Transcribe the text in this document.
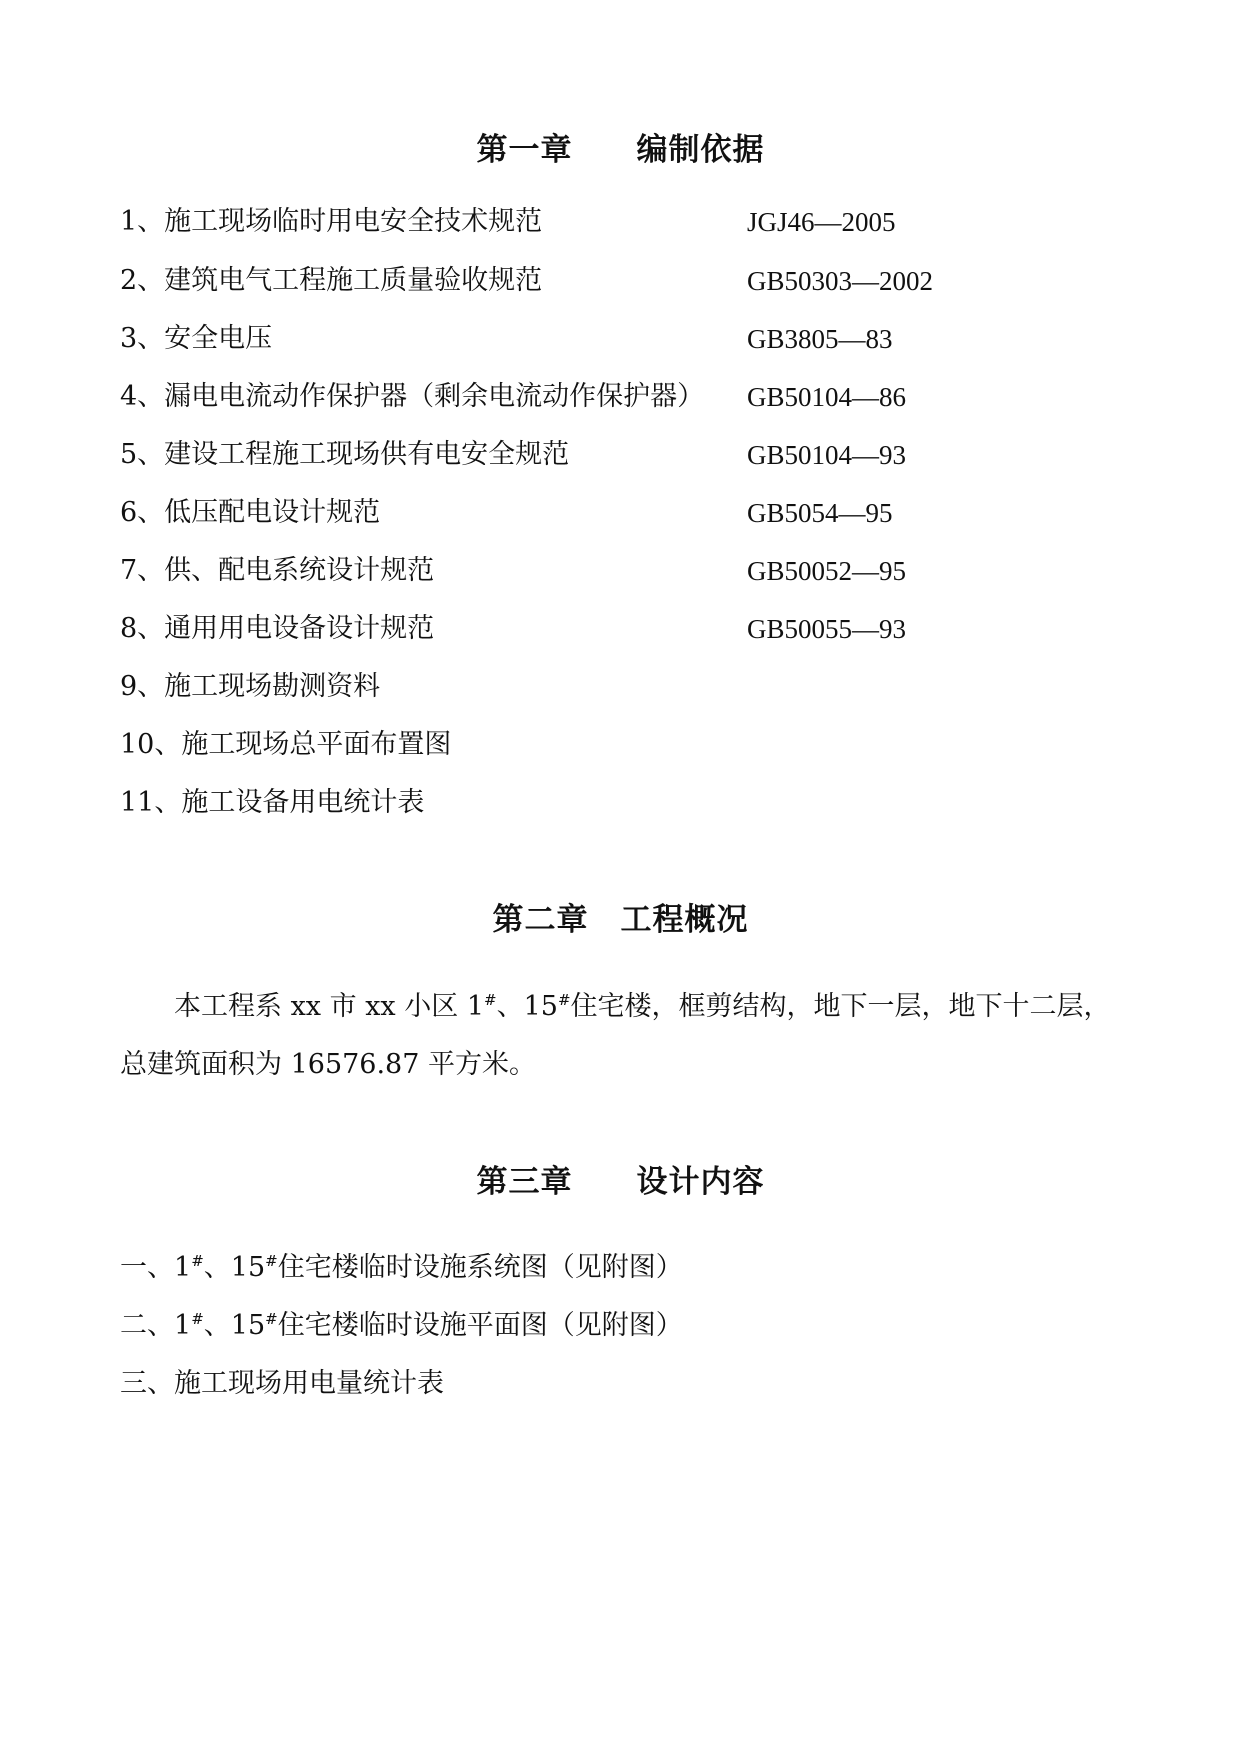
第一章　　编制依据
1、施工现场临时用电安全技术规范	JGJ46—2005
2、建筑电气工程施工质量验收规范	GB50303—2002
3、安全电压	GB3805—83
4、漏电电流动作保护器（剩余电流动作保护器） GB50104—86
5、建设工程施工现场供有电安全规范	GB50104—93
6、低压配电设计规范	GB5054—95
7、供、配电系统设计规范	GB50052—95
8、通用用电设备设计规范	GB50055—93
9、施工现场勘测资料
10、施工现场总平面布置图
11、施工设备用电统计表
第二章　工程概况
　　本工程系 xx 市 xx 小区 1#、15#住宅楼，框剪结构，地下一层，地下十二层，
总建筑面积为 16576.87 平方米。
第三章　　设计内容
一、1#、15#住宅楼临时设施系统图（见附图）
二、1#、15#住宅楼临时设施平面图（见附图）
三、施工现场用电量统计表
